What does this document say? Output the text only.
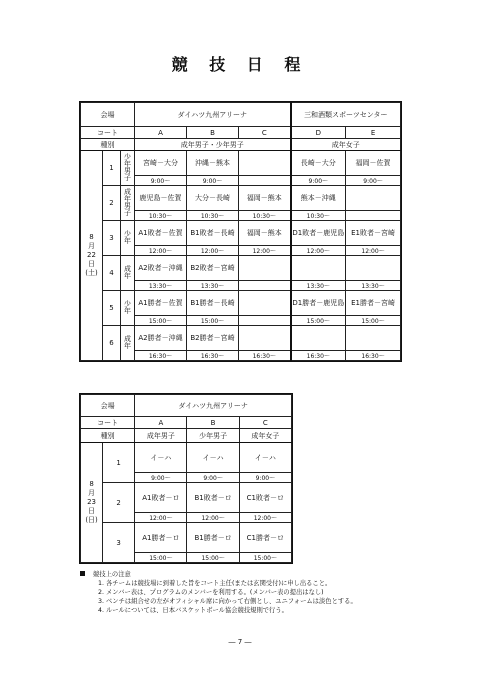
競 技 日 程
会場			ダイハツ九州アリーナ			三和酒類スポーツセンター	
コート			A	B	C	D	E
種別			成年男子・少年男子			成年女子	

8
月
22
日
(土)	1	少年男子	宮崎－大分	沖縄－熊本		長崎－大分	福岡－佐賀
			9:00～	9:00～		9:00～	9:00～
	2	成年男子	鹿児島－佐賀	大分－長崎	福岡－熊本	熊本－沖縄	
			10:30～	10:30～	10:30～	10:30～	
	3	少年	A1敗者－佐賀	B1敗者－長崎	福岡－熊本	D1敗者－鹿児島	E1敗者－宮崎
			12:00～	12:00～	12:00～	12:00～	12:00～
	4	成年	A2敗者－沖縄	B2敗者－宮崎			
			13:30～	13:30～		13:30～	13:30～
	5	少年	A1勝者－佐賀	B1勝者－長崎		D1勝者－鹿児島	E1勝者－宮崎
			15:00～	15:00～		15:00～	15:00～
	6	成年	A2勝者－沖縄	B2勝者－宮崎			
			16:30～	16:30～	16:30～	16:30～	16:30～
会場		ダイハツ九州アリーナ		
コート		A	B	C
種別		成年男子	少年男子	成年女子

8
月
23
日
(日)	1	イ－ハ	イ－ハ	イ－ハ
		9:00～	9:00～	9:00～
	2	A1敗者－ロ	B1敗者－ロ	C1敗者－ロ
		12:00～	12:00～	12:00～
	3	A1勝者－ロ	B1勝者－ロ	C1勝者－ロ
		15:00～	15:00～	15:00～
競技上の注意
1. 各チームは競技場に到着した旨をコート主任(または玄関受付)に申し出ること。
2. メンバー表は、プログラムのメンバーを利用する。(メンバー表の提出はなし)
3. ベンチは組合せの左がオフィシャル席に向かって右側とし、ユニフォームは淡色とする。
4. ルールについては、日本バスケットボール協会競技規則で行う。
― 7 ―
